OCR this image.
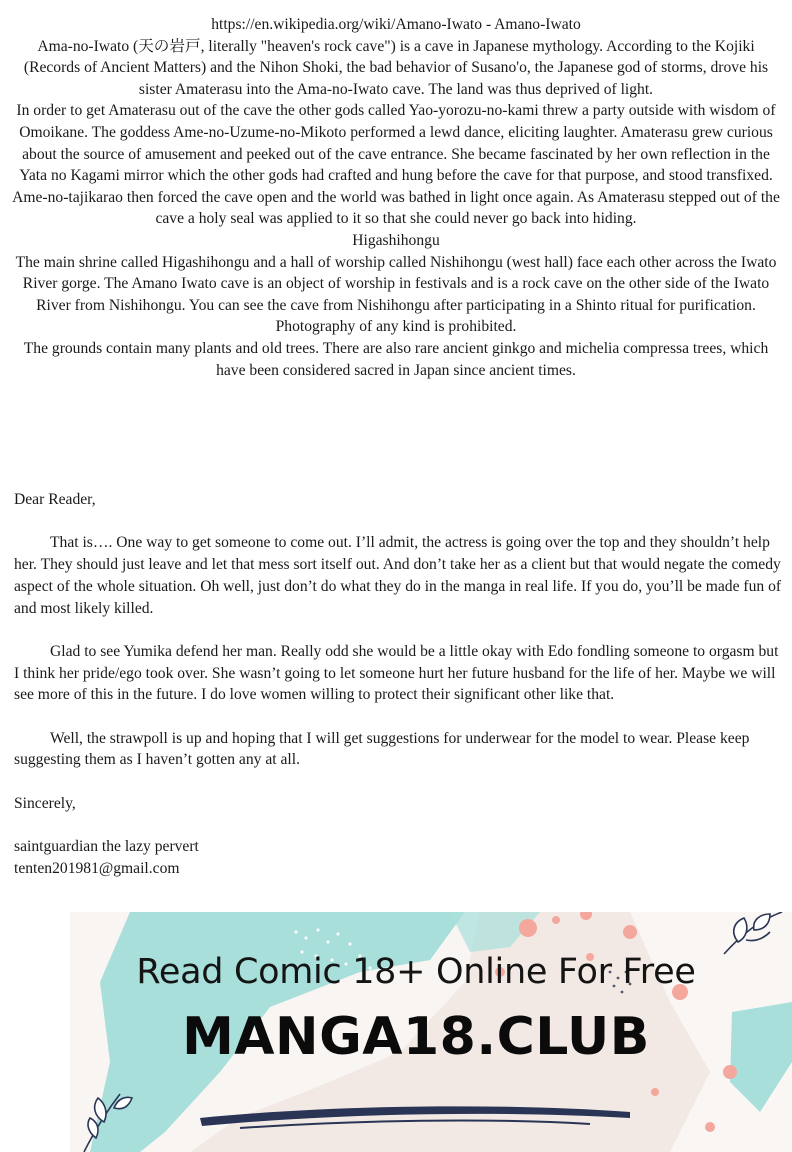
https://en.wikipedia.org/wiki/Amano-Iwato - Amano-Iwato

Ama-no-Iwato (天の岩戸, literally "heaven's rock cave") is a cave in Japanese mythology. According to the Kojiki (Records of Ancient Matters) and the Nihon Shoki, the bad behavior of Susano'o, the Japanese god of storms, drove his sister Amaterasu into the Ama-no-Iwato cave. The land was thus deprived of light.

In order to get Amaterasu out of the cave the other gods called Yao-yorozu-no-kami threw a party outside with wisdom of Omoikane. The goddess Ame-no-Uzume-no-Mikoto performed a lewd dance, eliciting laughter. Amaterasu grew curious about the source of amusement and peeked out of the cave entrance. She became fascinated by her own reflection in the Yata no Kagami mirror which the other gods had crafted and hung before the cave for that purpose, and stood transfixed. Ame-no-tajikarao then forced the cave open and the world was bathed in light once again. As Amaterasu stepped out of the cave a holy seal was applied to it so that she could never go back into hiding.

Higashihongu

The main shrine called Higashihongu and a hall of worship called Nishihongu (west hall) face each other across the Iwato River gorge. The Amano Iwato cave is an object of worship in festivals and is a rock cave on the other side of the Iwato River from Nishihongu. You can see the cave from Nishihongu after participating in a Shinto ritual for purification. Photography of any kind is prohibited.

The grounds contain many plants and old trees. There are also rare ancient ginkgo and michelia compressa trees, which have been considered sacred in Japan since ancient times.

Dear Reader,

That is…. One way to get someone to come out. I’ll admit, the actress is going over the top and they shouldn’t help her. They should just leave and let that mess sort itself out. And don’t take her as a client but that would negate the comedy aspect of the whole situation. Oh well, just don’t do what they do in the manga in real life. If you do, you’ll be made fun of and most likely killed.

Glad to see Yumika defend her man. Really odd she would be a little okay with Edo fondling someone to orgasm but I think her pride/ego took over. She wasn’t going to let someone hurt her future husband for the life of her. Maybe we will see more of this in the future. I do love women willing to protect their significant other like that.

Well, the strawpoll is up and hoping that I will get suggestions for underwear for the model to wear. Please keep suggesting them as I haven’t gotten any at all.

Sincerely,

saintguardian the lazy pervert

tenten201981@gmail.com

Read Comic 18+ Online For Free
MANGA18.CLUB
